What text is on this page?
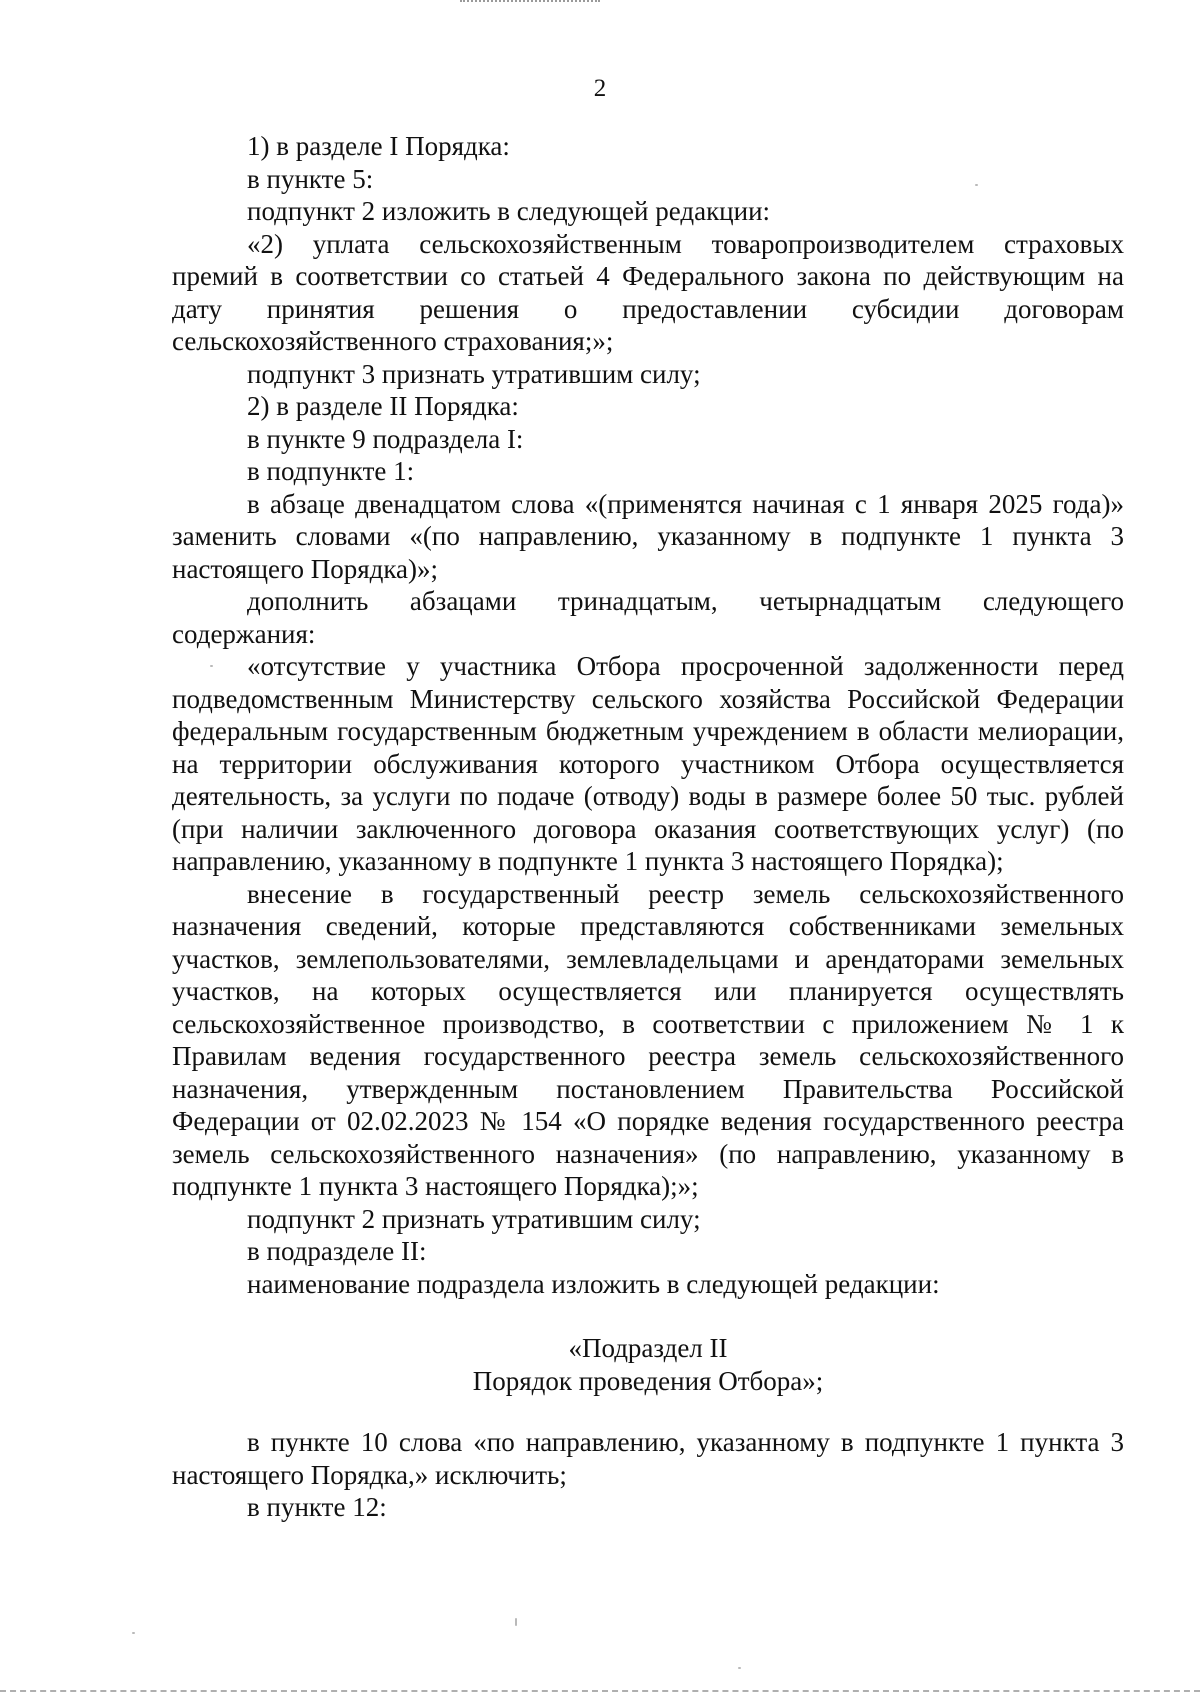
2

1) в разделе I Порядка:

в пункте 5:

подпункт 2 изложить в следующей редакции:

«2) уплата сельскохозяйственным товаропроизводителем страховых премий в соответствии со статьей 4 Федерального закона по действующим на дату принятия решения о предоставлении субсидии договорам сельскохозяйственного страхования;»;

подпункт 3 признать утратившим силу;

2) в разделе II Порядка:

в пункте 9 подраздела I:

в подпункте 1:

в абзаце двенадцатом слова «(применятся начиная с 1 января 2025 года)» заменить словами «(по направлению, указанному в подпункте 1 пункта 3 настоящего Порядка)»;

дополнить абзацами тринадцатым, четырнадцатым следующего содержания:

«отсутствие у участника Отбора просроченной задолженности перед подведомственным Министерству сельского хозяйства Российской Федерации федеральным государственным бюджетным учреждением в области мелиорации, на территории обслуживания которого участником Отбора осуществляется деятельность, за услуги по подаче (отводу) воды в размере более 50 тыс. рублей (при наличии заключенного договора оказания соответствующих услуг) (по направлению, указанному в подпункте 1 пункта 3 настоящего Порядка);

внесение в государственный реестр земель сельскохозяйственного назначения сведений, которые представляются собственниками земельных участков, землепользователями, землевладельцами и арендаторами земельных участков, на которых осуществляется или планируется осуществлять сельскохозяйственное производство, в соответствии с приложением № 1 к Правилам ведения государственного реестра земель сельскохозяйственного назначения, утвержденным постановлением Правительства Российской Федерации от 02.02.2023 № 154 «О порядке ведения государственного реестра земель сельскохозяйственного назначения» (по направлению, указанному в подпункте 1 пункта 3 настоящего Порядка);»;

подпункт 2 признать утратившим силу;

в подразделе II:

наименование подраздела изложить в следующей редакции:

«Подраздел II

Порядок проведения Отбора»;

в пункте 10 слова «по направлению, указанному в подпункте 1 пункта 3 настоящего Порядка,» исключить;

в пункте 12:
